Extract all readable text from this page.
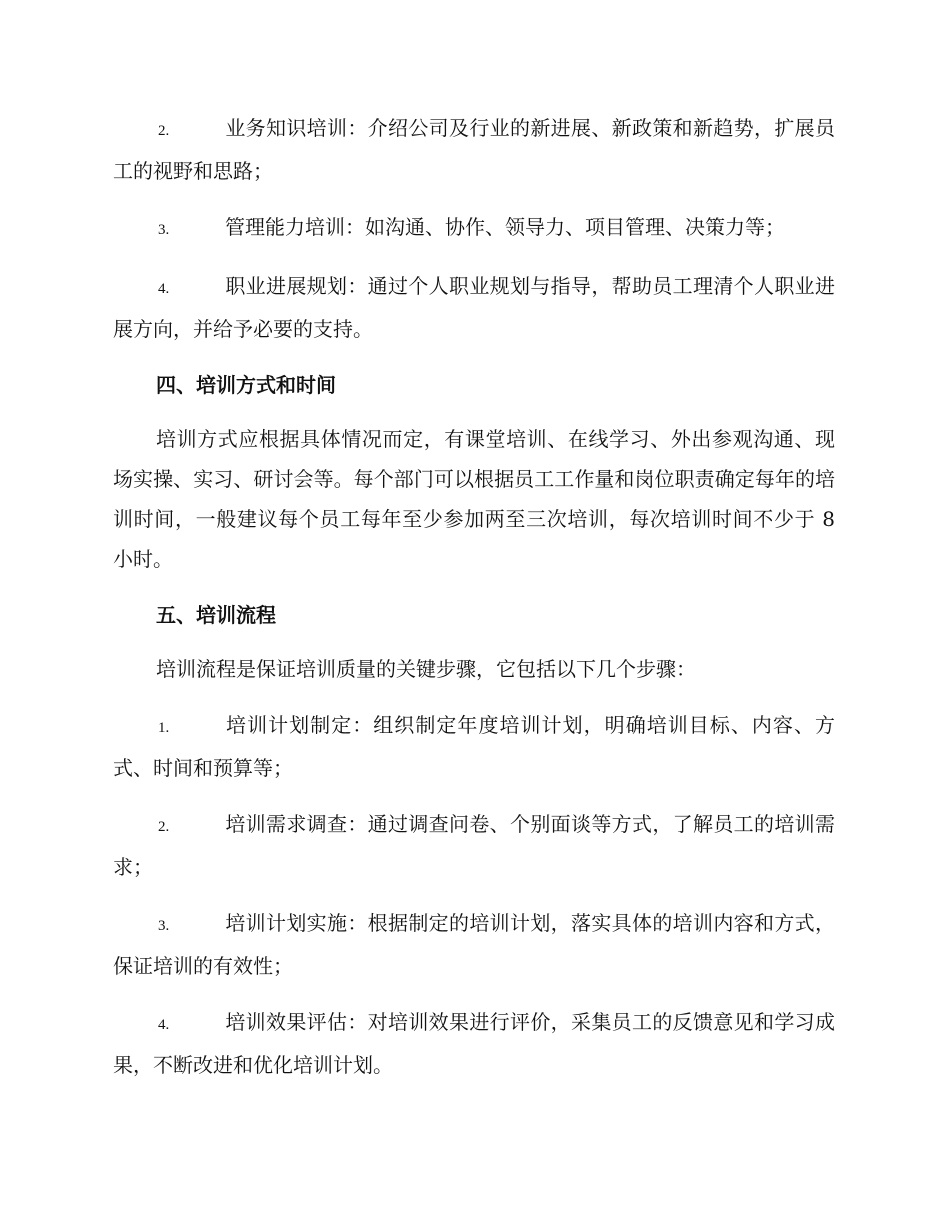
2.	业务知识培训：介绍公司及行业的新进展、新政策和新趋势，扩展员工的视野和思路；
3.	管理能力培训：如沟通、协作、领导力、项目管理、决策力等；
4.	职业进展规划：通过个人职业规划与指导，帮助员工理清个人职业进展方向，并给予必要的支持。
四、培训方式和时间
培训方式应根据具体情况而定，有课堂培训、在线学习、外出参观沟通、现场实操、实习、研讨会等。每个部门可以根据员工工作量和岗位职责确定每年的培训时间，一般建议每个员工每年至少参加两至三次培训，每次培训时间不少于 8 小时。
五、培训流程
培训流程是保证培训质量的关键步骤，它包括以下几个步骤：
1.	培训计划制定：组织制定年度培训计划，明确培训目标、内容、方式、时间和预算等；
2.	培训需求调查：通过调查问卷、个别面谈等方式，了解员工的培训需求；
3.	培训计划实施：根据制定的培训计划，落实具体的培训内容和方式，保证培训的有效性；
4.	培训效果评估：对培训效果进行评价，采集员工的反馈意见和学习成果，不断改进和优化培训计划。
